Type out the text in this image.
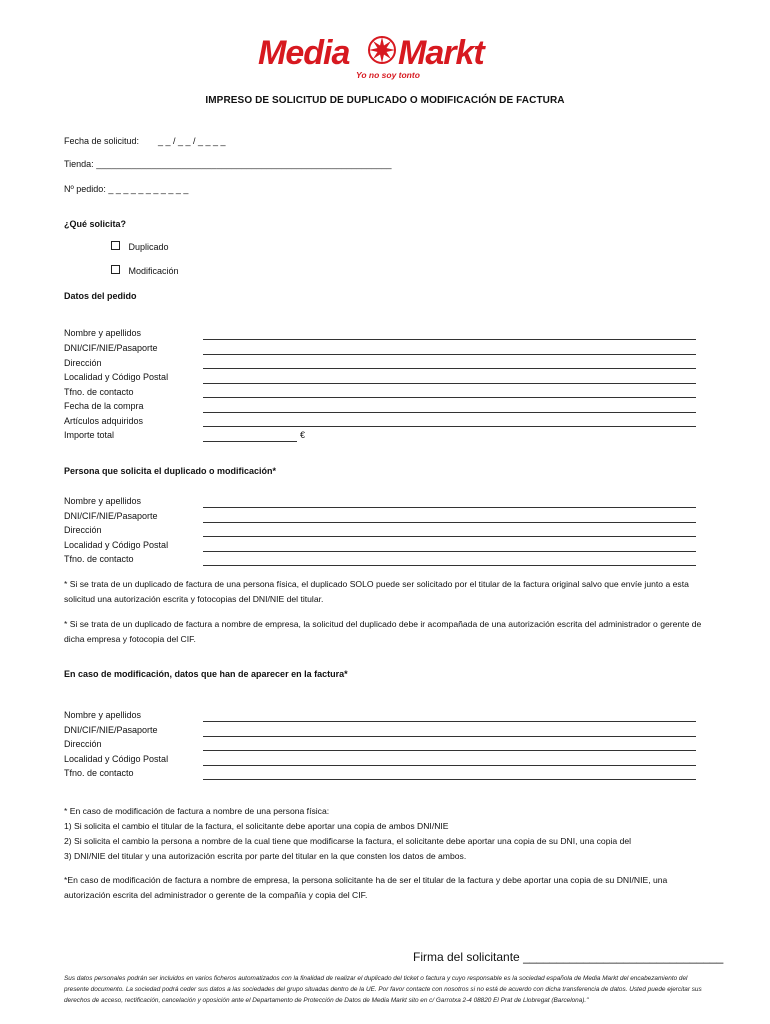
Media Markt
Yo no soy tonto
IMPRESO DE SOLICITUD DE DUPLICADO O MODIFICACIÓN DE FACTURA
Fecha de solicitud: _ _ / _ _ / _ _ _ _
Tienda: ___________________________________________________________
Nº pedido: _ _ _ _ _ _ _ _ _ _ _
¿Qué solicita?
Duplicado
Modificación
Datos del pedido
Nombre y apellidos
DNI/CIF/NIE/Pasaporte
Dirección
Localidad y Código Postal
Tfno. de contacto
Fecha de la compra
Artículos adquiridos
Importe total	€
Persona que solicita el duplicado o modificación*
Nombre y apellidos
DNI/CIF/NIE/Pasaporte
Dirección
Localidad y Código Postal
Tfno. de contacto
* Si se trata de un duplicado de factura de una persona física, el duplicado SOLO puede ser solicitado por el titular de la factura original salvo que envíe junto a esta solicitud una autorización escrita y fotocopias del DNI/NIE del titular.
* Si se trata de un duplicado de factura a nombre de empresa, la solicitud del duplicado debe ir acompañada de una autorización escrita del administrador o gerente de dicha empresa y fotocopia del CIF.
En caso de modificación, datos que han de aparecer en la factura*
Nombre y apellidos
DNI/CIF/NIE/Pasaporte
Dirección
Localidad y Código Postal
Tfno. de contacto
* En caso de modificación de factura a nombre de una persona física:
1) Si solicita el cambio el titular de la factura, el solicitante debe aportar una copia de ambos DNI/NIE
2) Si solicita el cambio la persona a nombre de la cual tiene que modificarse la factura, el solicitante debe aportar una copia de su DNI, una copia del
3) DNI/NIE del titular y una autorización escrita por parte del titular en la que consten los datos de ambos.
*En caso de modificación de factura a nombre de empresa, la persona solicitante ha de ser el titular de la factura y debe aportar una copia de su DNI/NIE, una autorización escrita del administrador o gerente de la compañía y copia del CIF.
Firma del solicitante ______________________________
Sus datos personales podrán ser incluidos en varios ficheros automatizados con la finalidad de realizar el duplicado del ticket o factura y cuyo responsable es la sociedad española de Media Markt del encabezamiento del presente documento. La sociedad podrá ceder sus datos a las sociedades del grupo situadas dentro de la UE. Por favor contacte con nosotros si no está de acuerdo con dicha transferencia de datos. Usted puede ejercitar sus derechos de acceso, rectificación, cancelación y oposición ante el Departamento de Protección de Datos de Media Markt sito en c/ Garrotxa 2-4 08820 El Prat de Llobregat (Barcelona)."
